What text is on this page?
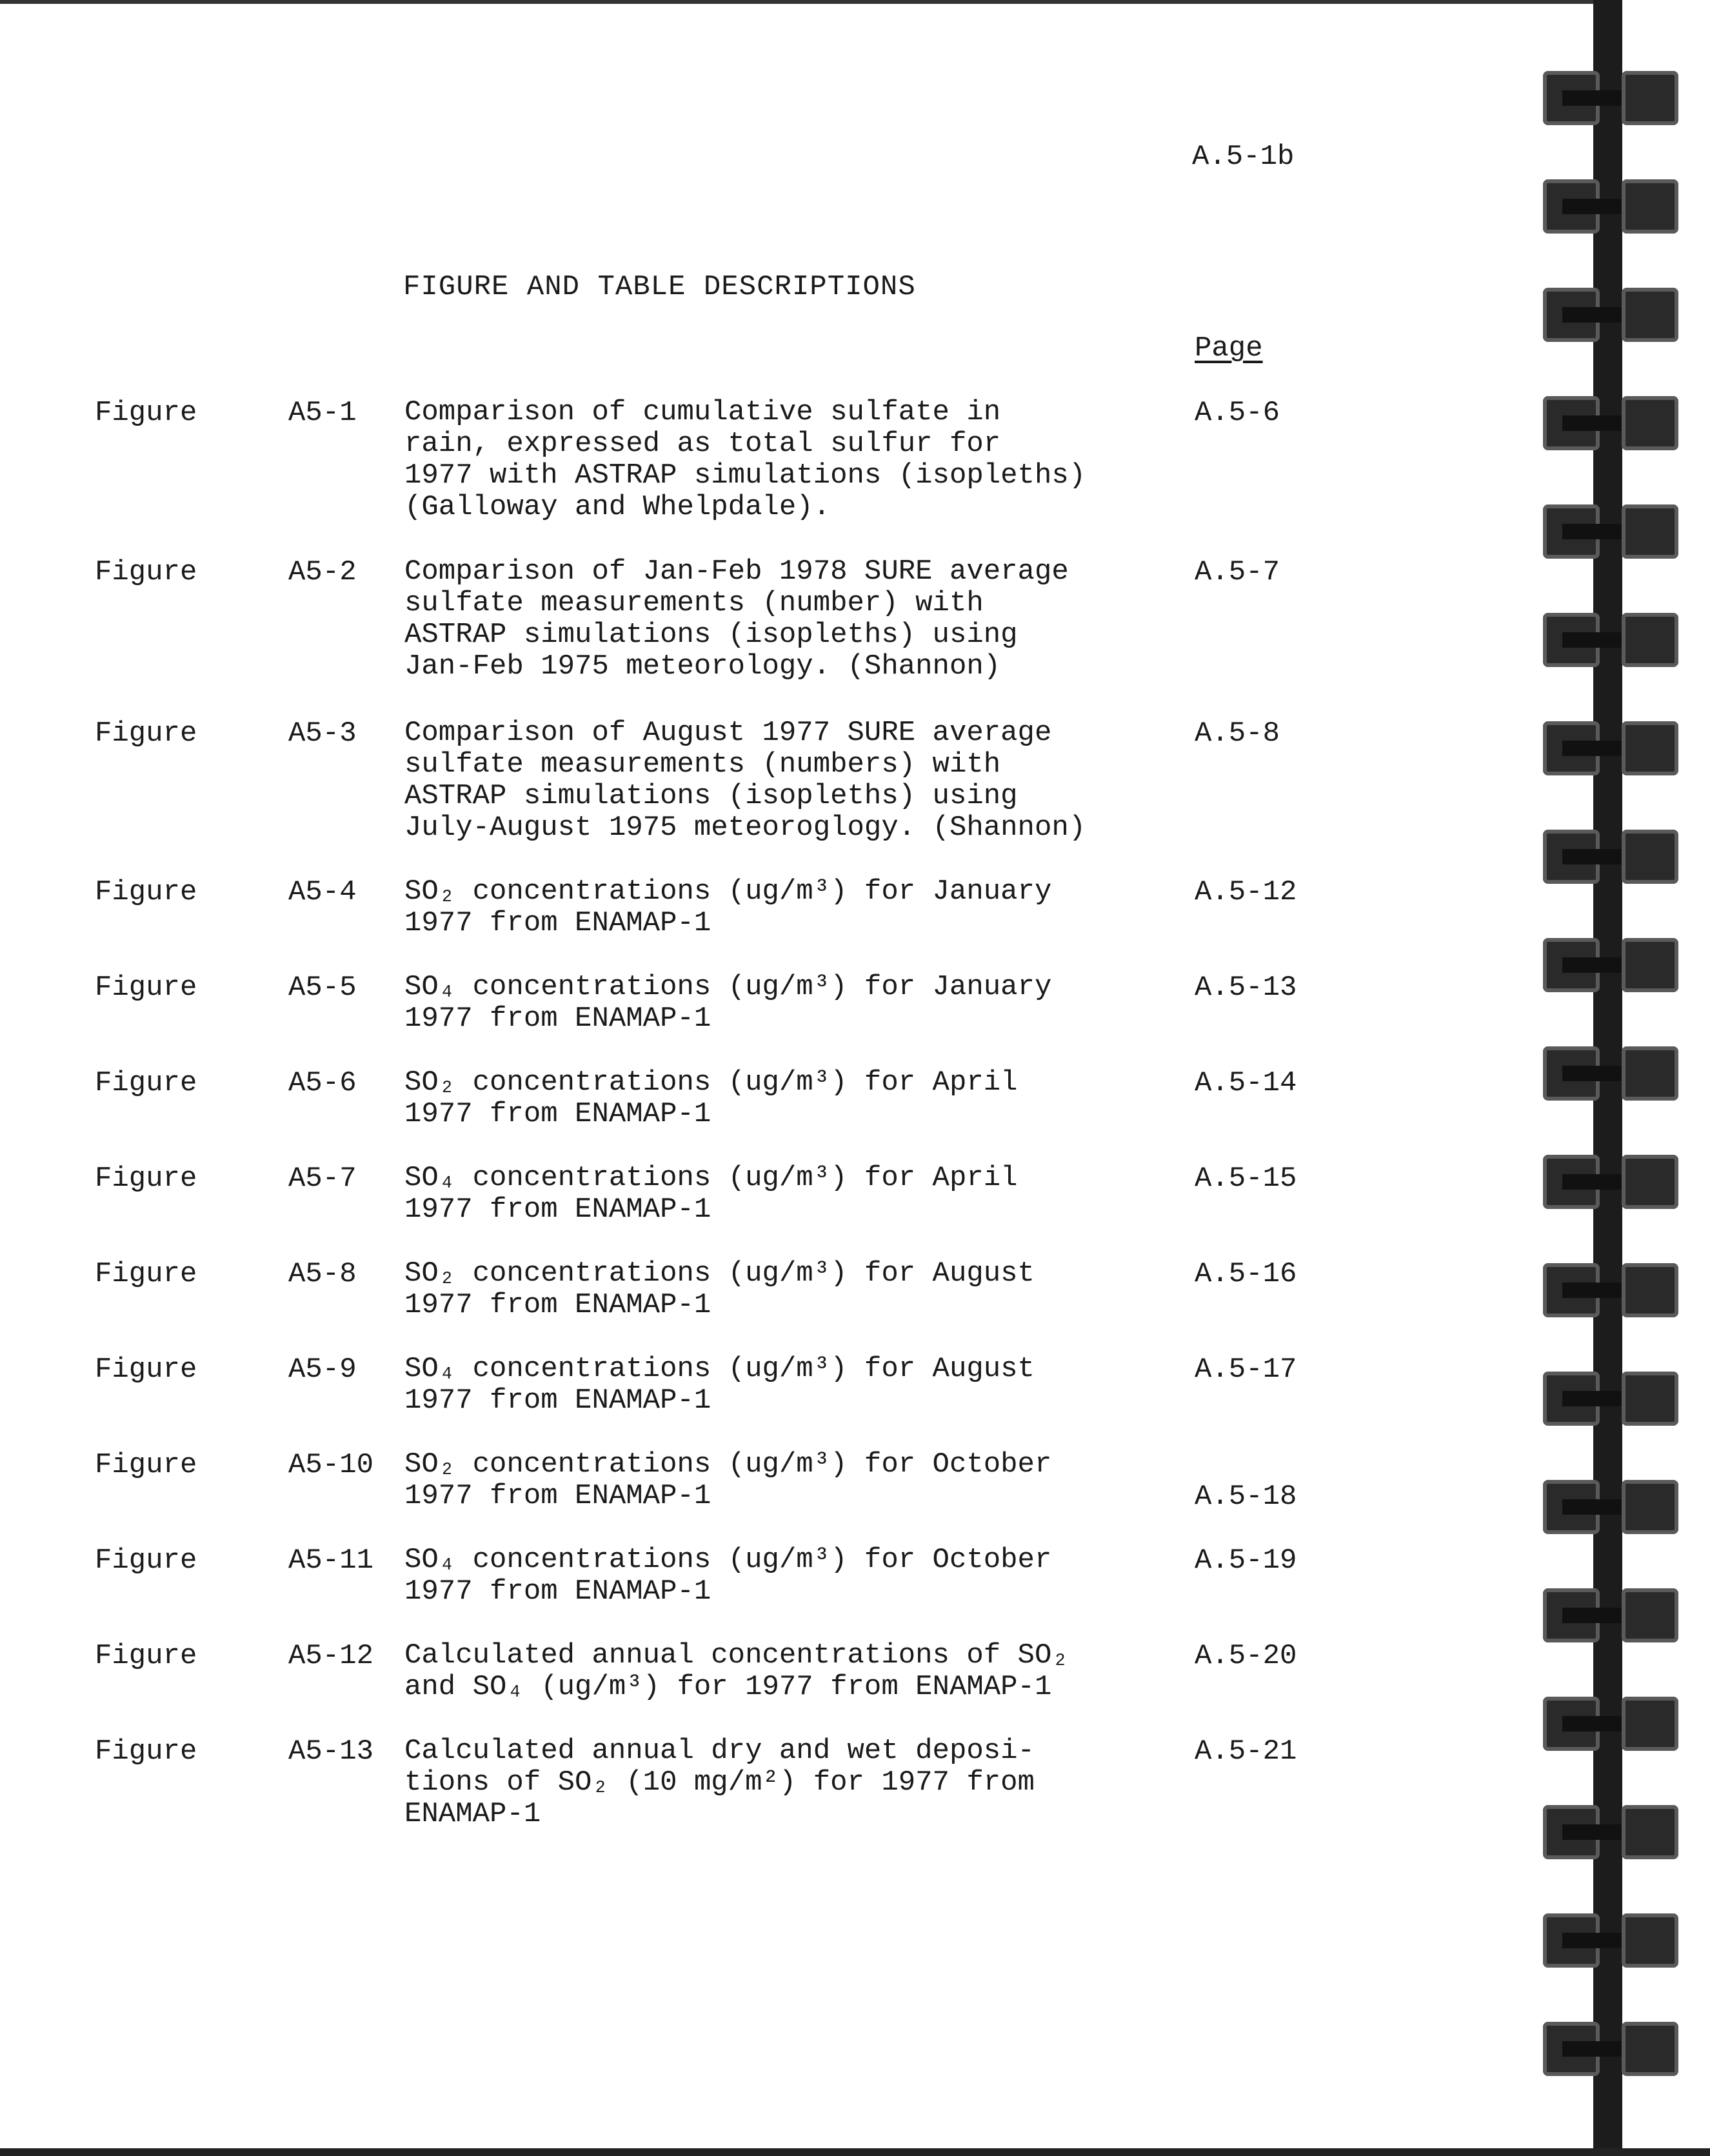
A.5-1b
FIGURE AND TABLE DESCRIPTIONS
Page
Figure	A5-1 Comparison of cumulative sulfate in
rain, expressed as total sulfur for
1977 with ASTRAP simulations (isopleths)
(Galloway and Whelpdale).
A.5-6
Figure	A5-2 Comparison of Jan-Feb 1978 SURE average
sulfate measurements (number) with
ASTRAP simulations (isopleths) using
Jan-Feb 1975 meteorology. (Shannon)
A.5-7
Figure	A5-3 Comparison of August 1977 SURE average
sulfate measurements (numbers) with
ASTRAP simulations (isopleths) using
July-August 1975 meteoroglogy. (Shannon)
A.5-8
Figure	A5-4 SO₂ concentrations (ug/m³) for January
1977 from ENAMAP-1
A.5-12
Figure	A5-5 SO₄ concentrations (ug/m³) for January
1977 from ENAMAP-1
A.5-13
Figure	A5-6 SO₂ concentrations (ug/m³) for April
1977 from ENAMAP-1
A.5-14
Figure	A5-7 SO₄ concentrations (ug/m³) for April
1977 from ENAMAP-1
A.5-15
Figure	A5-8 SO₂ concentrations (ug/m³) for August
1977 from ENAMAP-1
A.5-16
Figure	A5-9 SO₄ concentrations (ug/m³) for August
1977 from ENAMAP-1
A.5-17
Figure	A5-10 SO₂ concentrations (ug/m³) for October
1977 from ENAMAP-1	A.5-18
Figure	A5-11 SO₄ concentrations (ug/m³) for October
1977 from ENAMAP-1
A.5-19
Figure	A5-12 Calculated annual concentrations of SO₂
and SO₄ (ug/m³) for 1977 from ENAMAP-1
A.5-20
Figure	A5-13 Calculated annual dry and wet deposi-
tions of SO₂ (10 mg/m²) for 1977 from
ENAMAP-1
A.5-21
